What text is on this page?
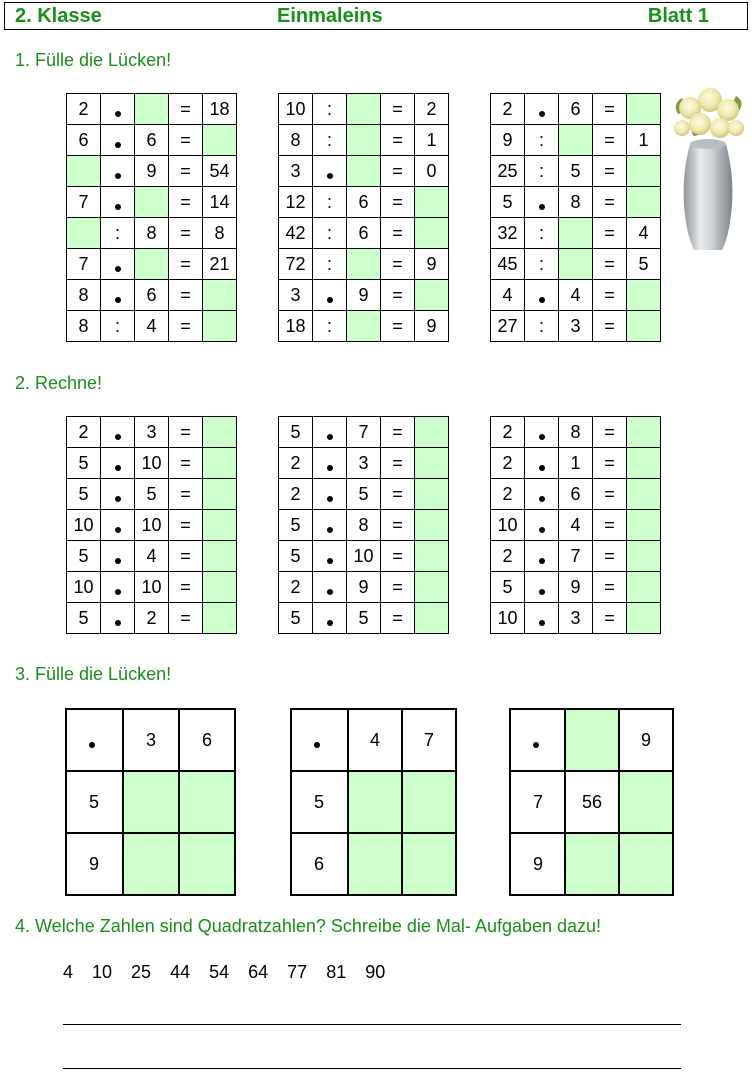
2. Klasse	Einmaleins	Blatt 1
1. Fülle die Lücken!
2			=	18
6		6	=	
		9	=	54
7			=	14
	:	8	=	8
7			=	21
8		6	=	
8	:	4	=	
10	:		=	2
8	:		=	1
3			=	0
12	:	6	=	
42	:	6	=	
72	:		=	9
3		9	=	
18	:		=	9
2		6	=	
9	:		=	1
25	:	5	=	
5		8	=	
32	:		=	4
45	:		=	5
4		4	=	
27	:	3	=	
2. Rechne!
2		3	=	
5		10	=	
5		5	=	
10		10	=	
5		4	=	
10		10	=	
5		2	=	
5		7	=	
2		3	=	
2		5	=	
5		8	=	
5		10	=	
2		9	=	
5		5	=	
2		8	=	
2		1	=	
2		6	=	
10		4	=	
2		7	=	
5		9	=	
10		3	=	
3. Fülle die Lücken!
	3	6
5		
9		
	4	7
5		
6		
		9
7	56	
9		
4. Welche Zahlen sind Quadratzahlen? Schreibe die Mal- Aufgaben dazu!
4 10 25 44 54 64 77 81 90
